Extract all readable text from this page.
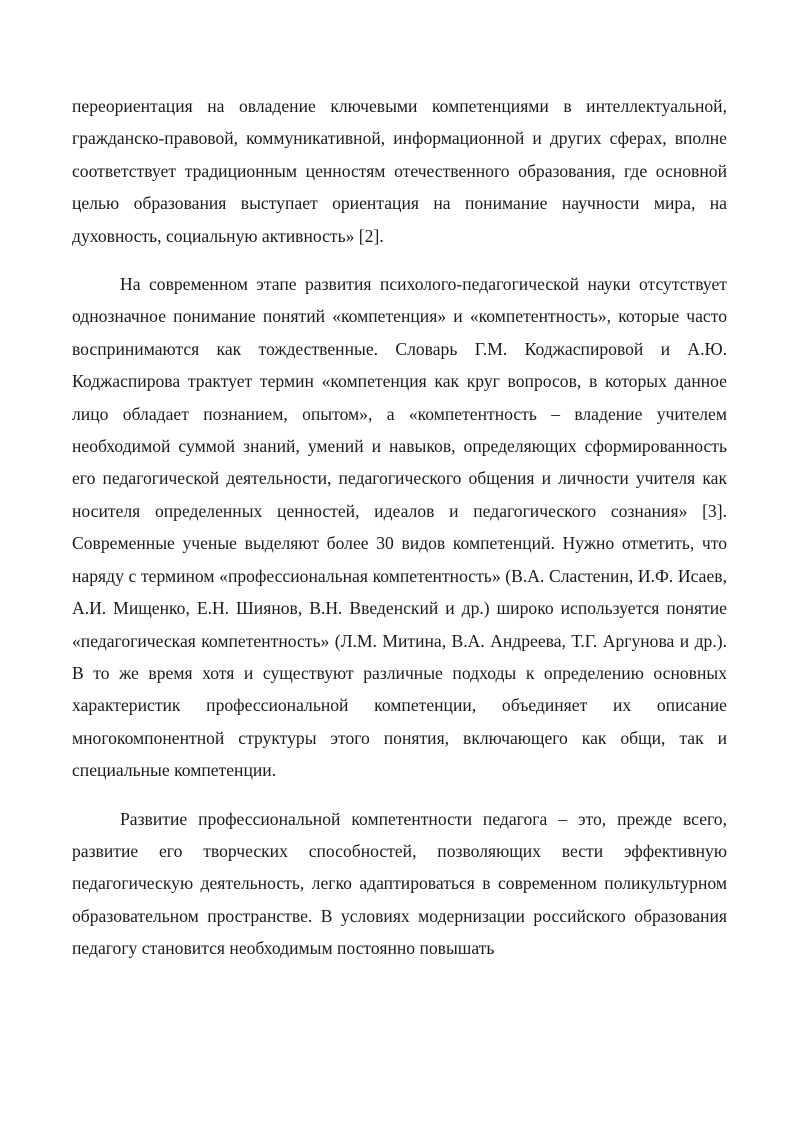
переориентация на овладение ключевыми компетенциями в интеллектуальной, гражданско-правовой, коммуникативной, информационной и других сферах, вполне соответствует традиционным ценностям отечественного образования, где основной целью образования выступает ориентация на понимание научности мира, на духовность, социальную активность» [2].

На современном этапе развития психолого-педагогической науки отсутствует однозначное понимание понятий «компетенция» и «компетентность», которые часто воспринимаются как тождественные. Словарь Г.М. Коджаспировой и А.Ю. Коджаспирова трактует термин «компетенция как круг вопросов, в которых данное лицо обладает познанием, опытом», а «компетентность – владение учителем необходимой суммой знаний, умений и навыков, определяющих сформированность его педагогической деятельности, педагогического общения и личности учителя как носителя определенных ценностей, идеалов и педагогического сознания» [3]. Современные ученые выделяют более 30 видов компетенций. Нужно отметить, что наряду с термином «профессиональная компетентность» (В.А. Сластенин, И.Ф. Исаев, А.И. Мищенко, Е.Н. Шиянов, В.Н. Введенский и др.) широко используется понятие «педагогическая компетентность» (Л.М. Митина, В.А. Андреева, Т.Г. Аргунова и др.). В то же время хотя и существуют различные подходы к определению основных характеристик профессиональной компетенции, объединяет их описание многокомпонентной структуры этого понятия, включающего как общи, так и специальные компетенции.

Развитие профессиональной компетентности педагога – это, прежде всего, развитие его творческих способностей, позволяющих вести эффективную педагогическую деятельность, легко адаптироваться в современном поликультурном образовательном пространстве. В условиях модернизации российского образования педагогу становится необходимым постоянно повышать
